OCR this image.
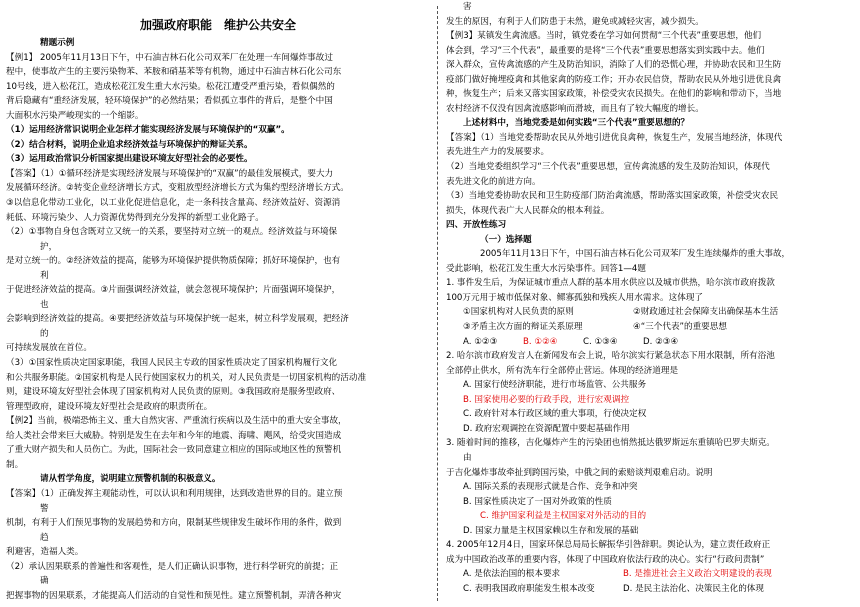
加强政府职能　维护公共安全
精题示例
【例1】 2005年11月13日下午，中石油吉林石化公司双苯厂在处理一车间爆炸事故过
程中，使事故产生的主要污染物苯、苯胺和硝基苯等有机物，通过中石油吉林石化公司东
10号线，进入松花江，造成松花江发生重大水污染。松花江遭受严重污染，看似偶然的
背后隐藏有“重经济发展，轻环境保护”的必然结果；看似孤立事件的背后，是整个中国
大面积水污染严峻现实的一个缩影。
（1）运用经济常识说明企业怎样才能实现经济发展与环境保护的“双赢”。
（2）结合材料，说明企业追求经济效益与环境保护的辩证关系。
（3）运用政治常识分析国家提出建设环境友好型社会的必要性。
【答案】（1）①循环经济是实现经济发展与环境保护的“双赢”的最佳发展模式，要大力
发展循环经济。②转变企业经济增长方式，变粗放型经济增长方式为集约型经济增长方式。
③以信息化带动工业化，以工业化促进信息化，走一条科技含量高、经济效益好、资源消
耗低、环境污染少、人力资源优势得到充分发挥的新型工业化路子。
（2）①事物自身包含既对立又统一的关系，要坚持对立统一的观点。经济效益与环境保
护，
是对立统一的。②经济效益的提高，能够为环境保护提供物质保障；抓好环境保护，也有
利
于促进经济效益的提高。③片面强调经济效益，就会忽视环境保护；片面强调环境保护，
也
会影响到经济效益的提高。④要把经济效益与环境保护统一起来，树立科学发展观，把经济
的
可持续发展放在首位。
（3）①国家性质决定国家职能，我国人民民主专政的国家性质决定了国家机构履行文化
和公共服务职能。②国家机构是人民行使国家权力的机关，对人民负责是一切国家机构的活动准
则，建设环境友好型社会体现了国家机构对人民负责的原则。③我国政府是服务型政府、
管理型政府，建设环境友好型社会是政府的职责所在。
【例2】当前，极端恐怖主义、重大自然灾害、严重流行疾病以及生活中的重大安全事故，
给人类社会带来巨大威胁。特别是发生在去年和今年的地震、海啸、飓风，给受灾国造成
了重大财产损失和人员伤亡。为此，国际社会一致同意建立相应的国际或地区性的预警机
制。
请从哲学角度，说明建立预警机制的积极意义。
【答案】（1）正确发挥主观能动性，可以认识和利用规律，达到改造世界的目的。建立预
警
机制，有利于人们预见事物的发展趋势和方向，限制某些规律发生破坏作用的条件，做到
趋
利避害，造福人类。
（2）承认因果联系的普遍性和客观性，是人们正确认识事物，进行科学研究的前提；正
确
把握事物的因果联系，才能提高人们活动的自觉性和预见性。建立预警机制，弄清各种灾
害
发生的原因，有利于人们防患于未然，避免或减轻灾害，减少损失。
【例3】某镇发生禽流感。当时，镇党委在学习如何贯彻“三个代表”重要思想，他们
体会到，学习“三个代表”，最重要的是将“三个代表”重要思想落实到实践中去。他们
深入群众，宣传禽流感的产生及防治知识，消除了人们的恐慌心理，并协助农民和卫生防
疫部门做好掩埋疫禽和其他家禽的防疫工作；开办农民信贷，帮助农民从外地引进优良禽
种，恢复生产；后来又落实国家政策，补偿受灾农民损失。在他们的影响和带动下，当地
农村经济不仅没有因禽流感影响而滑坡，而且有了较大幅度的增长。
上述材料中，当地党委是如何实践“三个代表”重要思想的？
【答案】（1）当地党委帮助农民从外地引进优良禽种，恢复生产，发展当地经济，体现代
表先进生产力的发展要求。
（2）当地党委组织学习“三个代表”重要思想，宣传禽流感的发生及防治知识，体现代
表先进文化的前进方向。
（3）当地党委协助农民和卫生防疫部门防治禽流感，帮助落实国家政策，补偿受灾农民
损失，体现代表广大人民群众的根本利益。
四、开放性练习
（一）选择题
2005年11月13日下午，中国石油吉林石化公司双苯厂发生连续爆炸的重大事故，
受此影响，松花江发生重大水污染事件。回答1—4题
1. 事件发生后，为保证城市重点人群的基本用水供应以及城市供热，哈尔滨市政府拨款
100万元用于城市低保对象、鳏寡孤独和残疾人用水需求。这体现了
①国家机构对人民负责的原则	②财政通过社会保障支出确保基本生活
③矛盾主次方面的辩证关系原理	④“三个代表”的重要思想
A. ①②③	B. ①②④	C. ①③④	D. ②③④
2. 哈尔滨市政府发言人在新闻发布会上说，哈尔滨实行紧急状态下用水限制，所有浴池
全部停止供水，所有洗车行全部停止营运。体现的经济道理是
A. 国家行使经济职能，进行市场监管、公共服务
B. 国家使用必要的行政手段，进行宏观调控
C. 政府针对本行政区域的重大事项，行使决定权
D. 政府宏观调控在资源配置中要起基础作用
3. 随着时间的推移，吉化爆炸产生的污染团也悄然抵达俄罗斯远东重镇哈巴罗夫斯克。
由
于吉化爆炸事故牵扯到跨国污染，中俄之间的索赔谈判艰难启动。说明
A. 国际关系的表现形式就是合作、竞争和冲突
B. 国家性质决定了一国对外政策的性质
C. 维护国家利益是主权国家对外活动的目的
D. 国家力量是主权国家赖以生存和发展的基础
4. 2005年12月4日，国家环保总局局长解振华引咎辞职。舆论认为，建立责任政府正
成为中国政治改革的重要内容，体现了中国政府依法行政的决心。实行“行政问责制”
A. 是依法治国的根本要求	B. 是推进社会主义政治文明建设的表现
C. 表明我国政府职能发生根本改变	D. 是民主法治化、决策民主化的体现
